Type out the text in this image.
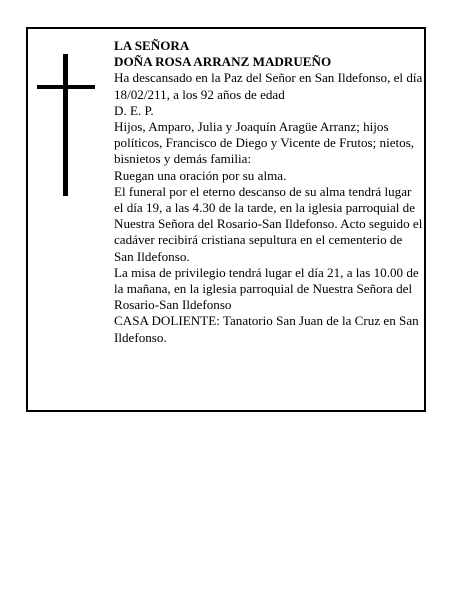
LA SEÑORA

DOÑA ROSA ARRANZ MADRUEÑO

Ha descansado en la Paz del Señor en San Ildefonso, el día 18/02/211, a los 92 años de edad

D. E. P.

Hijos, Amparo, Julia y Joaquín Aragüe Arranz; hijos políticos, Francisco de Diego y Vicente de Frutos; nietos, bisnietos y demás familia:

Ruegan una oración por su alma.

El funeral por el eterno descanso de su alma tendrá lugar el día 19, a las 4.30 de la tarde, en la iglesia parroquial de Nuestra Señora del Rosario-San Ildefonso. Acto seguido el cadáver recibirá cristiana sepultura en el cementerio de San Ildefonso.

La misa de privilegio tendrá lugar el día 21, a las 10.00 de la mañana, en la iglesia parroquial de Nuestra Señora del Rosario-San Ildefonso

CASA DOLIENTE: Tanatorio San Juan de la Cruz en San Ildefonso.
